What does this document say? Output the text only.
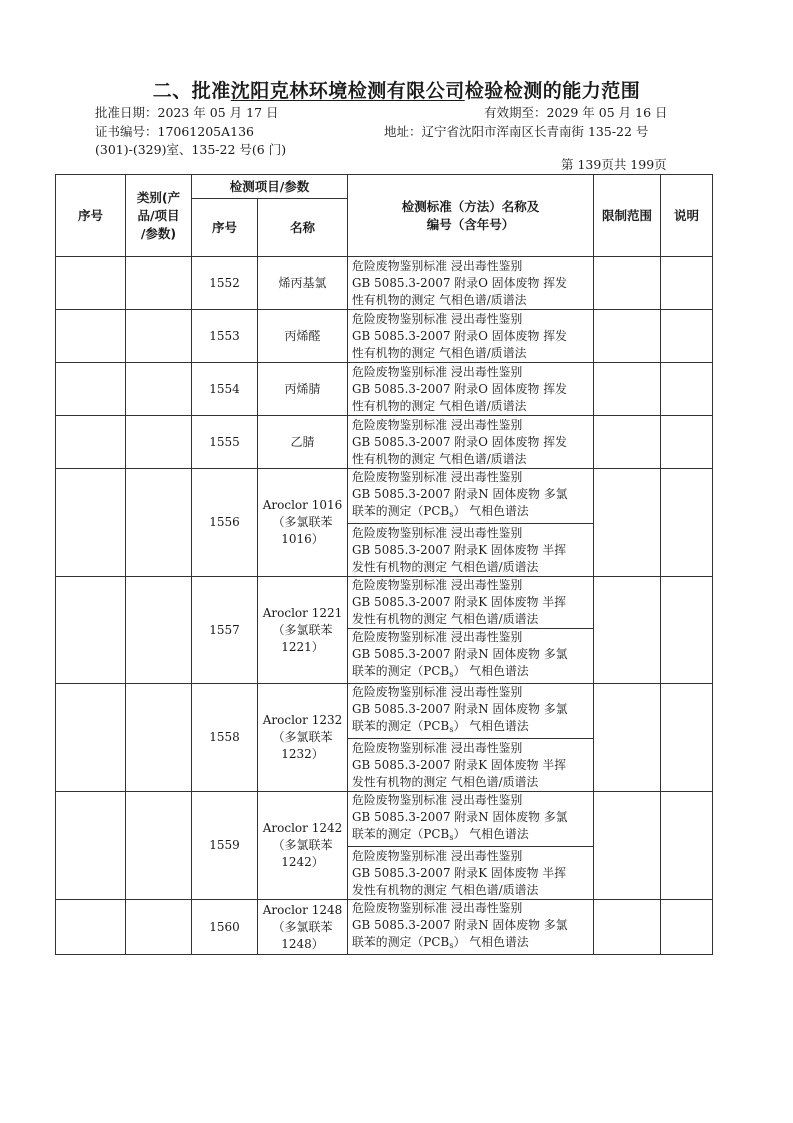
二、批准沈阳克林环境检测有限公司检验检测的能力范围
批准日期：2023 年 05 月 17 日	有效期至：2029 年 05 月 16 日
证书编号：17061205A136	地址：辽宁省沈阳市浑南区长青南街 135-22 号
(301)-(329)室、135-22 号(6 门)
第 139页共 199页
序号	类别(产
品/项目
/参数)	检测项目/参数		检测标准（方法）名称及
编号（含年号）	限制范围	说明
		序号	名称			
		1552	烯丙基氯	危险废物鉴别标准 浸出毒性鉴别
GB 5085.3-2007 附录O 固体废物 挥发
性有机物的测定 气相色谱/质谱法		

		1553	丙烯醛	危险废物鉴别标准 浸出毒性鉴别
GB 5085.3-2007 附录O 固体废物 挥发
性有机物的测定 气相色谱/质谱法		

		1554	丙烯腈	危险废物鉴别标准 浸出毒性鉴别
GB 5085.3-2007 附录O 固体废物 挥发
性有机物的测定 气相色谱/质谱法		

		1555	乙腈	危险废物鉴别标准 浸出毒性鉴别
GB 5085.3-2007 附录O 固体废物 挥发
性有机物的测定 气相色谱/质谱法		

		1556	Aroclor 1016
（多氯联苯
1016）	危险废物鉴别标准 浸出毒性鉴别
GB 5085.3-2007 附录N 固体废物 多氯
联苯的测定$(PCB_s)$ 气相色谱法		

				危险废物鉴别标准 浸出毒性鉴别
GB 5085.3-2007 附录K 固体废物 半挥
发性有机物的测定 气相色谱/质谱法		

		1557	Aroclor 1221
（多氯联苯
1221）	危险废物鉴别标准 浸出毒性鉴别
GB 5085.3-2007 附录K 固体废物 半挥
发性有机物的测定 气相色谱/质谱法		

				危险废物鉴别标准 浸出毒性鉴别
GB 5085.3-2007 附录N 固体废物 多氯
联苯的测定$(PCB_s)$ 气相色谱法		

		1558	Aroclor 1232
（多氯联苯
1232）	危险废物鉴别标准 浸出毒性鉴别
GB 5085.3-2007 附录N 固体废物 多氯
联苯的测定$(PCB_s)$ 气相色谱法		

				危险废物鉴别标准 浸出毒性鉴别
GB 5085.3-2007 附录K 固体废物 半挥
发性有机物的测定 气相色谱/质谱法		

		1559	Aroclor 1242
（多氯联苯
1242）	危险废物鉴别标准 浸出毒性鉴别
GB 5085.3-2007 附录N 固体废物 多氯
联苯的测定$(PCB_s)$ 气相色谱法		

				危险废物鉴别标准 浸出毒性鉴别
GB 5085.3-2007 附录K 固体废物 半挥
发性有机物的测定 气相色谱/质谱法		

		1560	Aroclor 1248
（多氯联苯
1248）	危险废物鉴别标准 浸出毒性鉴别
GB 5085.3-2007 附录N 固体废物 多氯
联苯的测定$(PCB_s)$ 气相色谱法		
